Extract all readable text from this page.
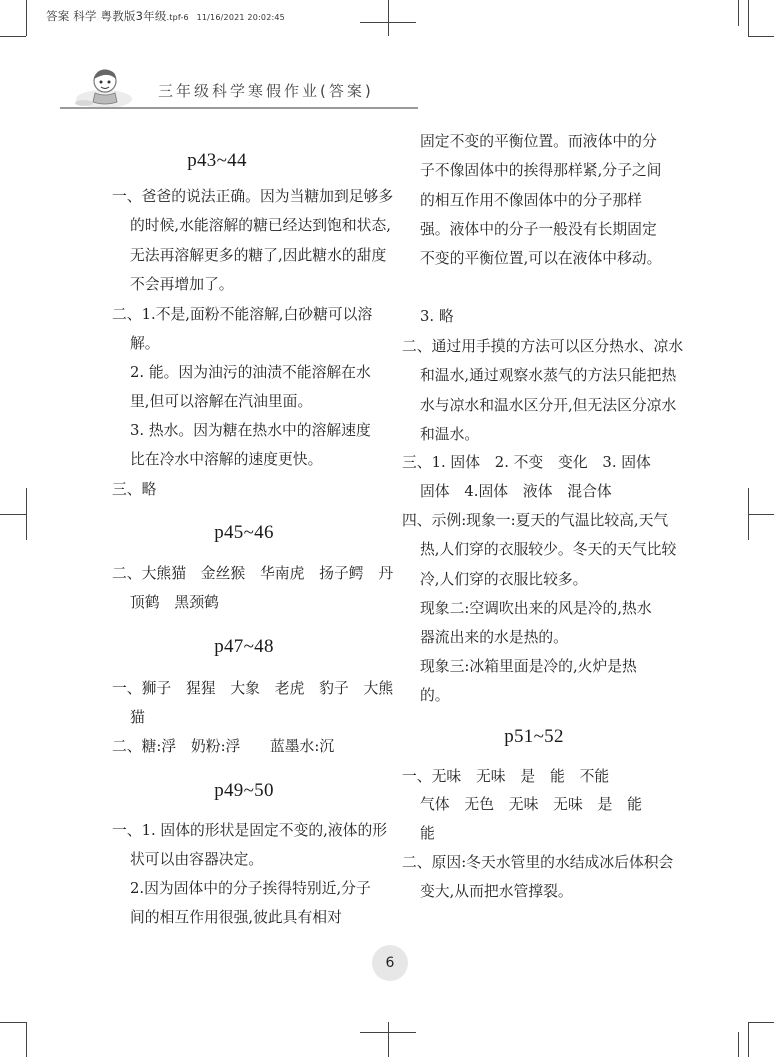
答案 科学 粤教版3年级.tpf-6 11/16/2021 20:02:45
三年级科学寒假作业(答案)
p43~44
一、爸爸的说法正确。因为当糖加到足够多的时候,水能溶解的糖已经达到饱和状态,无法再溶解更多的糖了,因此糖水的甜度不会再增加了。
二、1.不是,面粉不能溶解,白砂糖可以溶解。
2. 能。因为油污的油渍不能溶解在水里,但可以溶解在汽油里面。
3. 热水。因为糖在热水中的溶解速度比在冷水中溶解的速度更快。
三、略
p45~46
二、大熊猫　金丝猴　华南虎　扬子鳄　丹顶鹤　黑颈鹤
p47~48
一、狮子　猩猩　大象　老虎　豹子　大熊猫
二、糖:浮　奶粉:浮　　蓝墨水:沉
p49~50
一、1. 固体的形状是固定不变的,液体的形状可以由容器决定。
2.因为固体中的分子挨得特别近,分子间的相互作用很强,彼此具有相对
固定不变的平衡位置。而液体中的分子不像固体中的挨得那样紧,分子之间的相互作用不像固体中的分子那样强。液体中的分子一般没有长期固定不变的平衡位置,可以在液体中移动。
3. 略
二、通过用手摸的方法可以区分热水、凉水和温水,通过观察水蒸气的方法只能把热水与凉水和温水区分开,但无法区分凉水和温水。
三、1. 固体　2. 不变　变化　3. 固体
固体　4.固体　液体　混合体
四、示例:现象一:夏天的气温比较高,天气热,人们穿的衣服较少。冬天的天气比较冷,人们穿的衣服比较多。
现象二:空调吹出来的风是冷的,热水器流出来的水是热的。
现象三:冰箱里面是冷的,火炉是热的。
p51~52
一、无味　无味　是　能　不能
气体　无色　无味　无味　是　能　能
二、原因:冬天水管里的水结成冰后体积会变大,从而把水管撑裂。
6
